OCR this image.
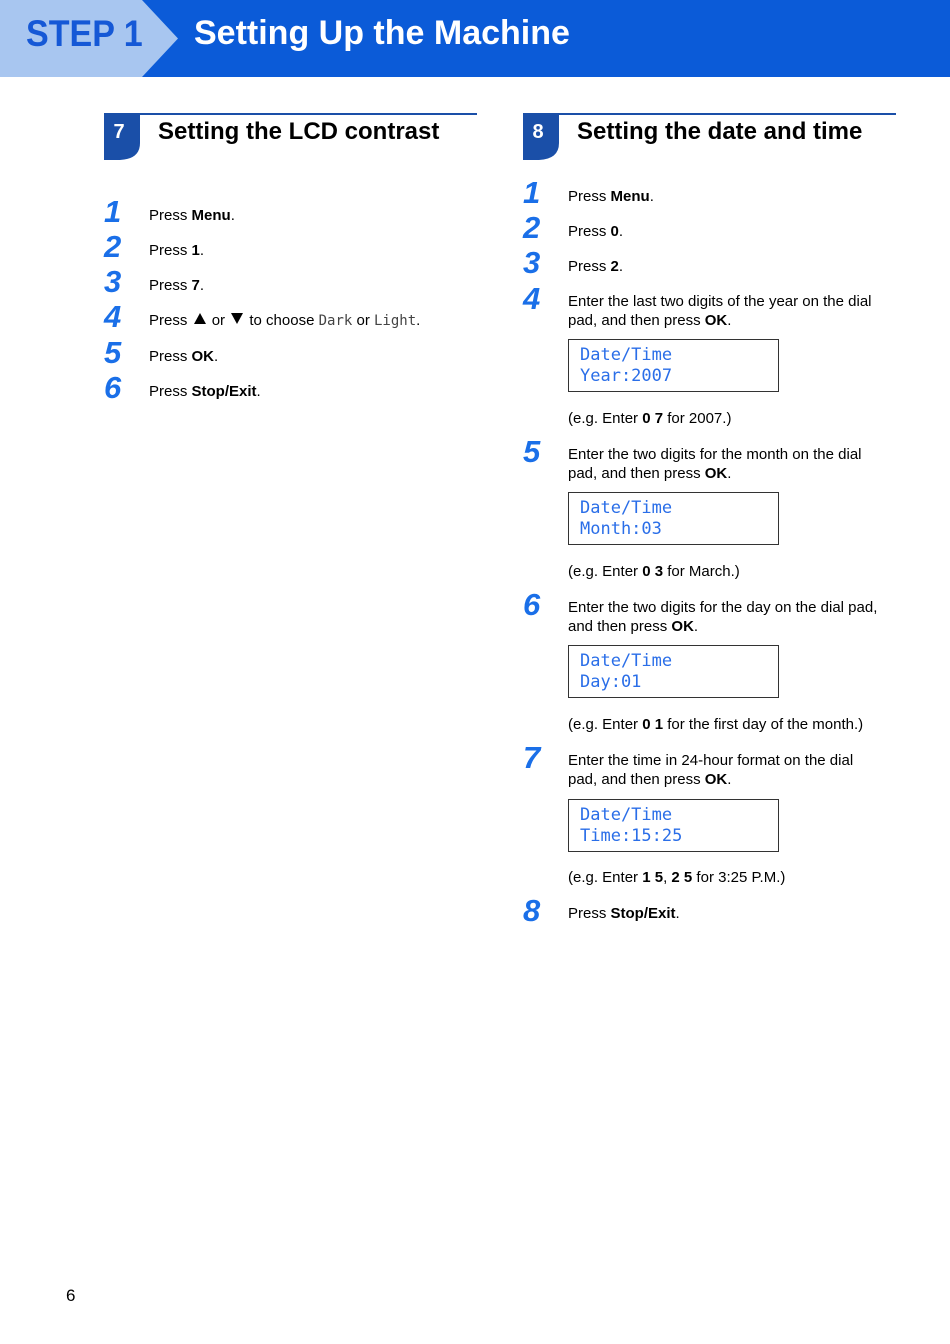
STEP 1 Setting Up the Machine
7	Setting the LCD contrast
1 Press Menu.
2 Press 1.
3 Press 7.
4 Press or to choose Dark or Light.
5 Press OK.
6 Press Stop/Exit.
8	Setting the date and time
1 Press Menu.
2 Press 0.
3 Press 2.
4 Enter the last two digits of the year on the dial
pad, and then press OK.
Date/Time
Year:2007
(e.g. Enter 0 7 for 2007.)
5 Enter the two digits for the month on the dial
pad, and then press OK.
Date/Time
Month:03
(e.g. Enter 0 3 for March.)
6 Enter the two digits for the day on the dial pad,
and then press OK.
Date/Time
Day:01
(e.g. Enter 0 1 for the first day of the month.)
7 Enter the time in 24-hour format on the dial
pad, and then press OK.
Date/Time
Time:15:25
(e.g. Enter 1 5, 2 5 for 3:25 P.M.)
8 Press Stop/Exit.
6
